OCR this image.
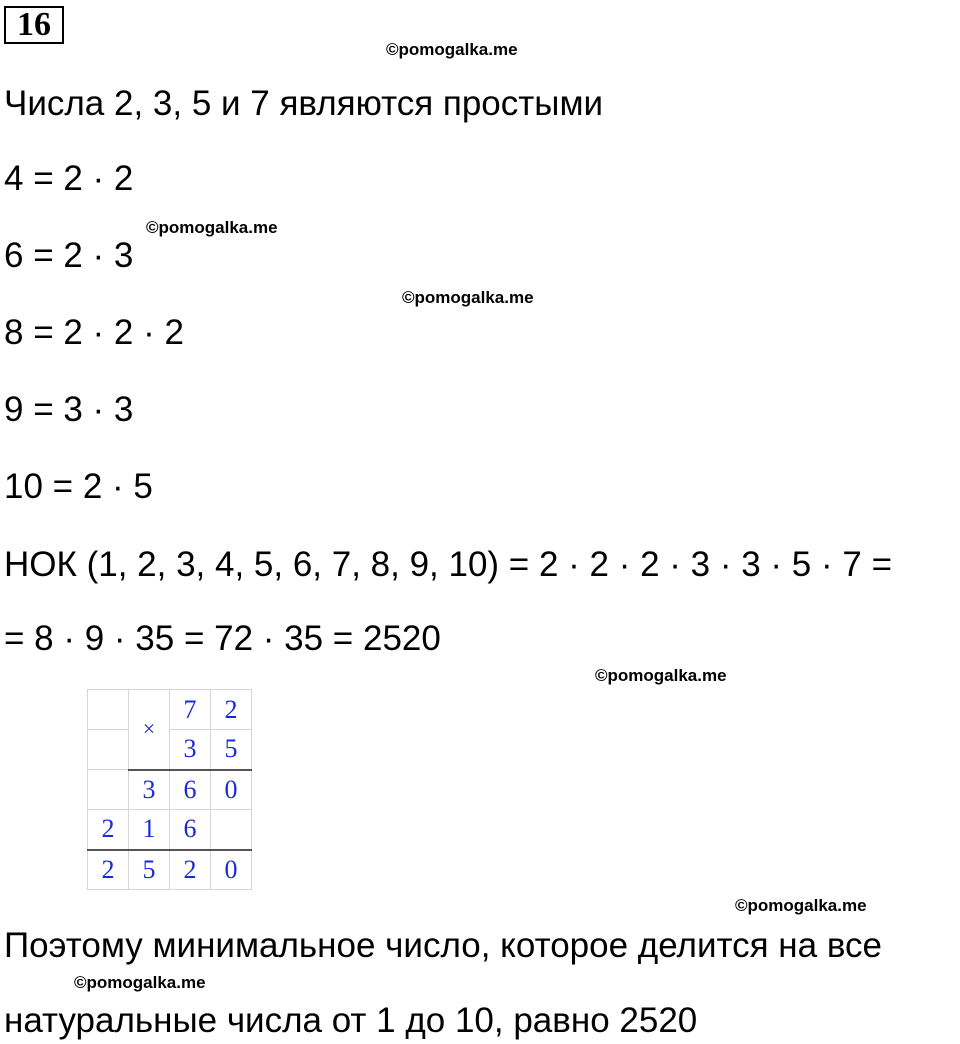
16
©pomogalka.me
Числа 2, 3, 5 и 7 являются простыми
4 = 2 · 2
©pomogalka.me
6 = 2 · 3
©pomogalka.me
8 = 2 · 2 · 2
9 = 3 · 3
10 = 2 · 5
НОК (1, 2, 3, 4, 5, 6, 7, 8, 9, 10) = 2 · 2 · 2 · 3 · 3 · 5 · 7 =
= 8 · 9 · 35 = 72 · 35 = 2520
©pomogalka.me
	×	7	2
		3	5
	3	6	0
2	1	6	
2	5	2	0
©pomogalka.me
Поэтому минимальное число, которое делится на все
©pomogalka.me
натуральные числа от 1 до 10, равно 2520
